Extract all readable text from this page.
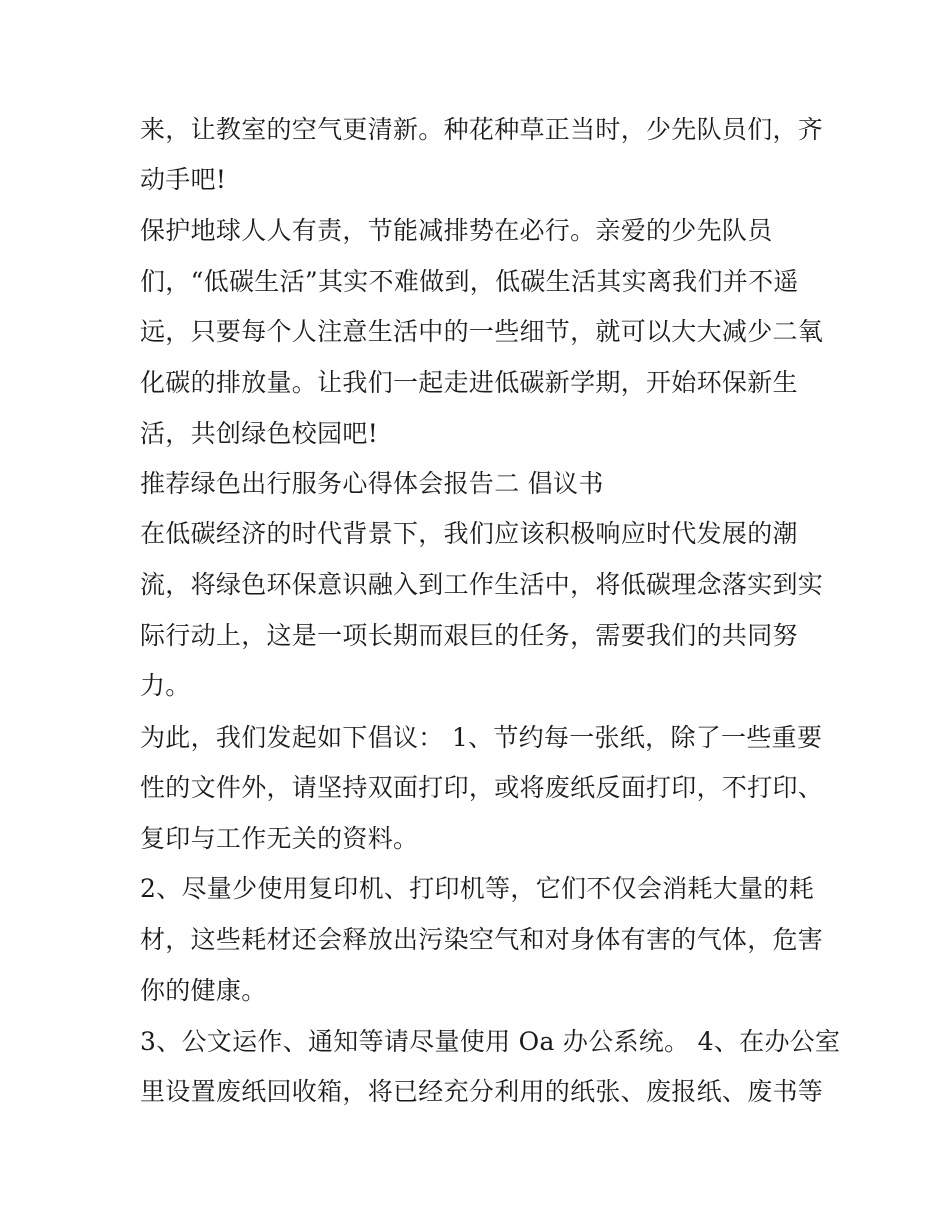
来，让教室的空气更清新。种花种草正当时，少先队员们，齐
动手吧!
保护地球人人有责，节能减排势在必行。亲爱的少先队员
们，“低碳生活”其实不难做到，低碳生活其实离我们并不遥
远，只要每个人注意生活中的一些细节，就可以大大减少二氧
化碳的排放量。让我们一起走进低碳新学期，开始环保新生
活，共创绿色校园吧!
推荐绿色出行服务心得体会报告二 倡议书
在低碳经济的时代背景下，我们应该积极响应时代发展的潮
流，将绿色环保意识融入到工作生活中，将低碳理念落实到实
际行动上，这是一项长期而艰巨的任务，需要我们的共同努
力。
为此，我们发起如下倡议： 1、节约每一张纸，除了一些重要
性的文件外，请坚持双面打印，或将废纸反面打印，不打印、
复印与工作无关的资料。
2、尽量少使用复印机、打印机等，它们不仅会消耗大量的耗
材，这些耗材还会释放出污染空气和对身体有害的气体，危害
你的健康。
3、公文运作、通知等请尽量使用 Oa 办公系统。 4、在办公室
里设置废纸回收箱，将已经充分利用的纸张、废报纸、废书等
